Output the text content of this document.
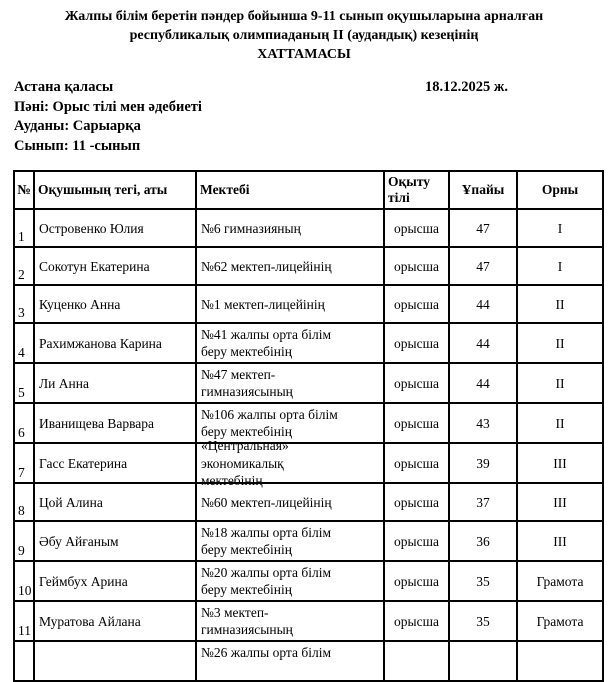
Жалпы білім беретін пәндер бойынша 9-11 сынып оқушыларына арналған
республикалық олимпиаданың II (аудандық) кезеңінің
ХАТТАМАСЫ
Астана қаласы	18.12.2025 ж.
Пәні: Орыс тілі мен әдебиеті
Ауданы: Сарыарқа
Сынып: 11 -сынып
№	Оқушының тегі, аты	Мектебі	Оқыту тілі	Ұпайы	Орны
1	Островенко Юлия	№6 гимназияның	орысша	47	I
2	Сокотун Екатерина	№62 мектеп-лицейінің	орысша	47	I
3	Куценко Анна	№1 мектеп-лицейінің	орысша	44	II
4	Рахимжанова Карина	№41 жалпы орта білім беру мектебінің	орысша	44	II
5	Ли Анна	№47 мектеп-гимназиясының	орысша	44	II
6	Иванищева Варвара	№106 жалпы орта білім беру мектебінің	орысша	43	II
7	Гасс Екатерина	«Центральная» экономикалық мектебінің	орысша	39	III
8	Цой Алина	№60 мектеп-лицейінің	орысша	37	III
9	Әбу Айғаным	№18 жалпы орта білім беру мектебінің	орысша	36	III
10	Геймбух Арина	№20 жалпы орта білім беру мектебінің	орысша	35	Грамота
11	Муратова Айлана	№3 мектеп-гимназиясының	орысша	35	Грамота

		№26 жалпы орта білім			
